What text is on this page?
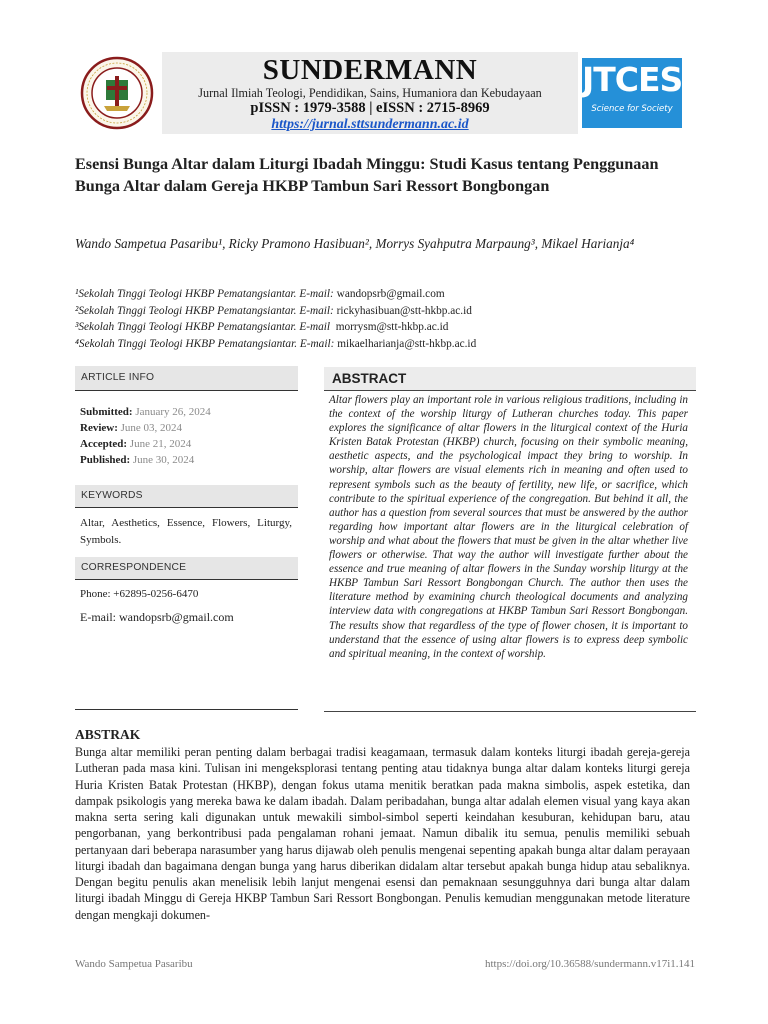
SUNDERMANN
Jurnal Ilmiah Teologi, Pendidikan, Sains, Humaniora dan Kebudayaan
pISSN : 1979-3588 | eISSN : 2715-8969
https://jurnal.sttsundermann.ac.id
JTCES
Science for Society
Esensi Bunga Altar dalam Liturgi Ibadah Minggu: Studi Kasus tentang Penggunaan Bunga Altar dalam Gereja HKBP Tambun Sari Ressort Bongbongan
Wando Sampetua Pasaribu¹, Ricky Pramono Hasibuan², Morrys Syahputra Marpaung³, Mikael Harianja⁴
¹Sekolah Tinggi Teologi HKBP Pematangsiantar. E-mail: wandopsrb@gmail.com
²Sekolah Tinggi Teologi HKBP Pematangsiantar. E-mail: rickyhasibuan@stt-hkbp.ac.id
³Sekolah Tinggi Teologi HKBP Pematangsiantar. E-mail morrysm@stt-hkbp.ac.id
⁴Sekolah Tinggi Teologi HKBP Pematangsiantar. E-mail: mikaelharianja@stt-hkbp.ac.id
ARTICLE INFO
Submitted: January 26, 2024
Review: June 03, 2024
Accepted: June 21, 2024
Published: June 30, 2024
KEYWORDS
Altar, Aesthetics, Essence, Flowers, Liturgy, Symbols.
CORRESPONDENCE
Phone: +62895-0256-6470
E-mail: wandopsrb@gmail.com
ABSTRACT
Altar flowers play an important role in various religious traditions, including in the context of the worship liturgy of Lutheran churches today. This paper explores the significance of altar flowers in the liturgical context of the Huria Kristen Batak Protestan (HKBP) church, focusing on their symbolic meaning, aesthetic aspects, and the psychological impact they bring to worship. In worship, altar flowers are visual elements rich in meaning and often used to represent symbols such as the beauty of fertility, new life, or sacrifice, which contribute to the spiritual experience of the congregation. But behind it all, the author has a question from several sources that must be answered by the author regarding how important altar flowers are in the liturgical celebration of worship and what about the flowers that must be given in the altar whether live flowers or otherwise. That way the author will investigate further about the essence and true meaning of altar flowers in the Sunday worship liturgy at the HKBP Tambun Sari Ressort Bongbongan Church. The author then uses the literature method by examining church theological documents and analyzing interview data with congregations at HKBP Tambun Sari Ressort Bongbongan. The results show that regardless of the type of flower chosen, it is important to understand that the essence of using altar flowers is to express deep symbolic and spiritual meaning, in the context of worship.
ABSTRAK
Bunga altar memiliki peran penting dalam berbagai tradisi keagamaan, termasuk dalam konteks liturgi ibadah gereja-gereja Lutheran pada masa kini. Tulisan ini mengeksplorasi tentang penting atau tidaknya bunga altar dalam konteks liturgi gereja Huria Kristen Batak Protestan (HKBP), dengan fokus utama menitik beratkan pada makna simbolis, aspek estetika, dan dampak psikologis yang mereka bawa ke dalam ibadah. Dalam peribadahan, bunga altar adalah elemen visual yang kaya akan makna serta sering kali digunakan untuk mewakili simbol-simbol seperti keindahan kesuburan, kehidupan baru, atau pengorbanan, yang berkontribusi pada pengalaman rohani jemaat. Namun dibalik itu semua, penulis memiliki sebuah pertanyaan dari beberapa narasumber yang harus dijawab oleh penulis mengenai sepenting apakah bunga altar dalam perayaan liturgi ibadah dan bagaimana dengan bunga yang harus diberikan didalam altar tersebut apakah bunga hidup atau sebaliknya. Dengan begitu penulis akan menelisik lebih lanjut mengenai esensi dan pemaknaan sesungguhnya dari bunga altar dalam liturgi ibadah Minggu di Gereja HKBP Tambun Sari Ressort Bongbongan. Penulis kemudian menggunakan metode literature dengan mengkaji dokumen-
Wando Sampetua Pasaribu	https://doi.org/10.36588/sundermann.v17i1.141
